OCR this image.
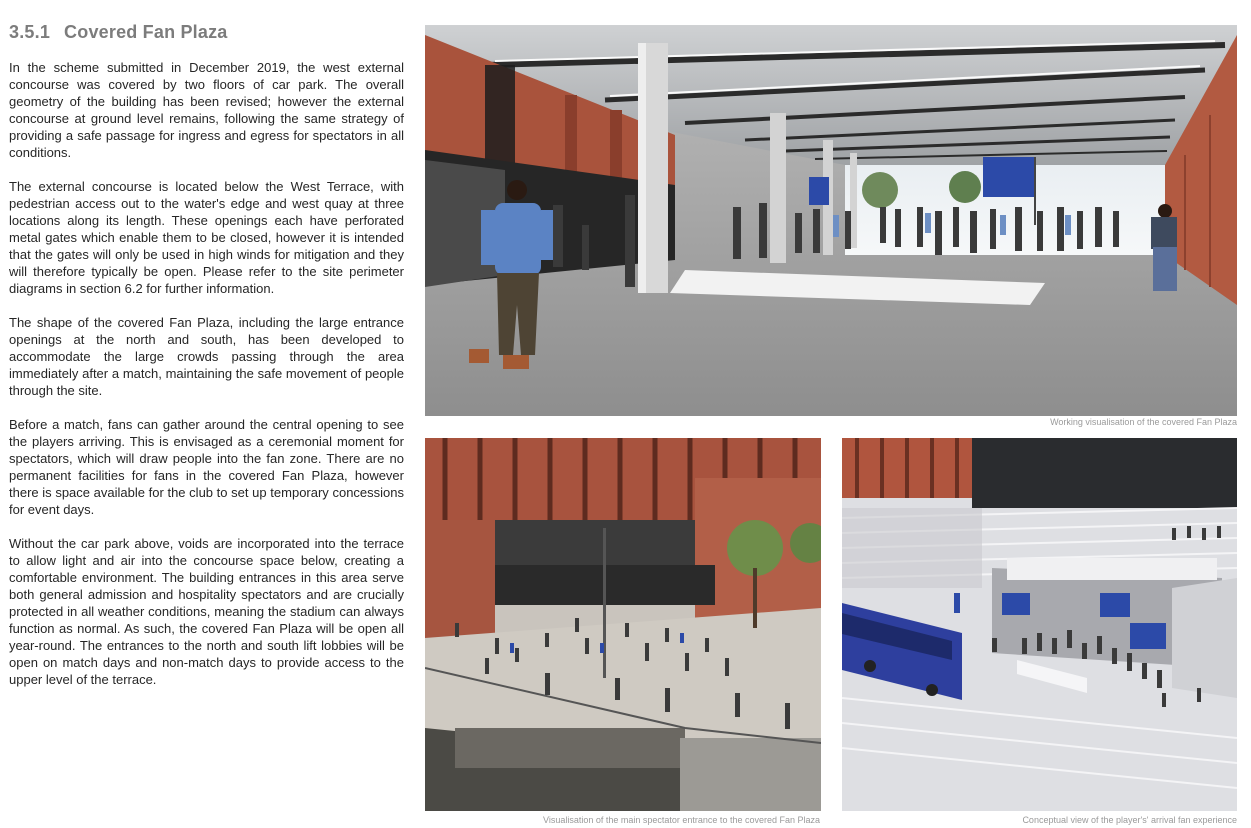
3.5.1 Covered Fan Plaza

In the scheme submitted in December 2019, the west external concourse was covered by two floors of car park. The overall geometry of the building has been revised; however the external concourse at ground level remains, following the same strategy of providing a safe passage for ingress and egress for spectators in all conditions.

The external concourse is located below the West Terrace, with pedestrian access out to the water's edge and west quay at three locations along its length. These openings each have perforated metal gates which enable them to be closed, however it is intended that the gates will only be used in high winds for mitigation and they will therefore typically be open. Please refer to the site perimeter diagrams in section 6.2 for further information.

The shape of the covered Fan Plaza, including the large entrance openings at the north and south, has been developed to accommodate the large crowds passing through the area immediately after a match, maintaining the safe movement of people through the site.

Before a match, fans can gather around the central opening to see the players arriving. This is envisaged as a ceremonial moment for spectators, which will draw people into the fan zone. There are no permanent facilities for fans in the covered Fan Plaza, however there is space available for the club to set up temporary concessions for event days.

Without the car park above, voids are incorporated into the terrace to allow light and air into the concourse space below, creating a comfortable environment. The building entrances in this area serve both general admission and hospitality spectators and are crucially protected in all weather conditions, meaning the stadium can always function as normal. As such, the covered Fan Plaza will be open all year-round. The entrances to the north and south lift lobbies will be open on match days and non-match days to provide access to the upper level of the terrace.

Working visualisation of the covered Fan Plaza
Visualisation of the main spectator entrance to the covered Fan Plaza	Conceptual view of the player's' arrival fan experience
